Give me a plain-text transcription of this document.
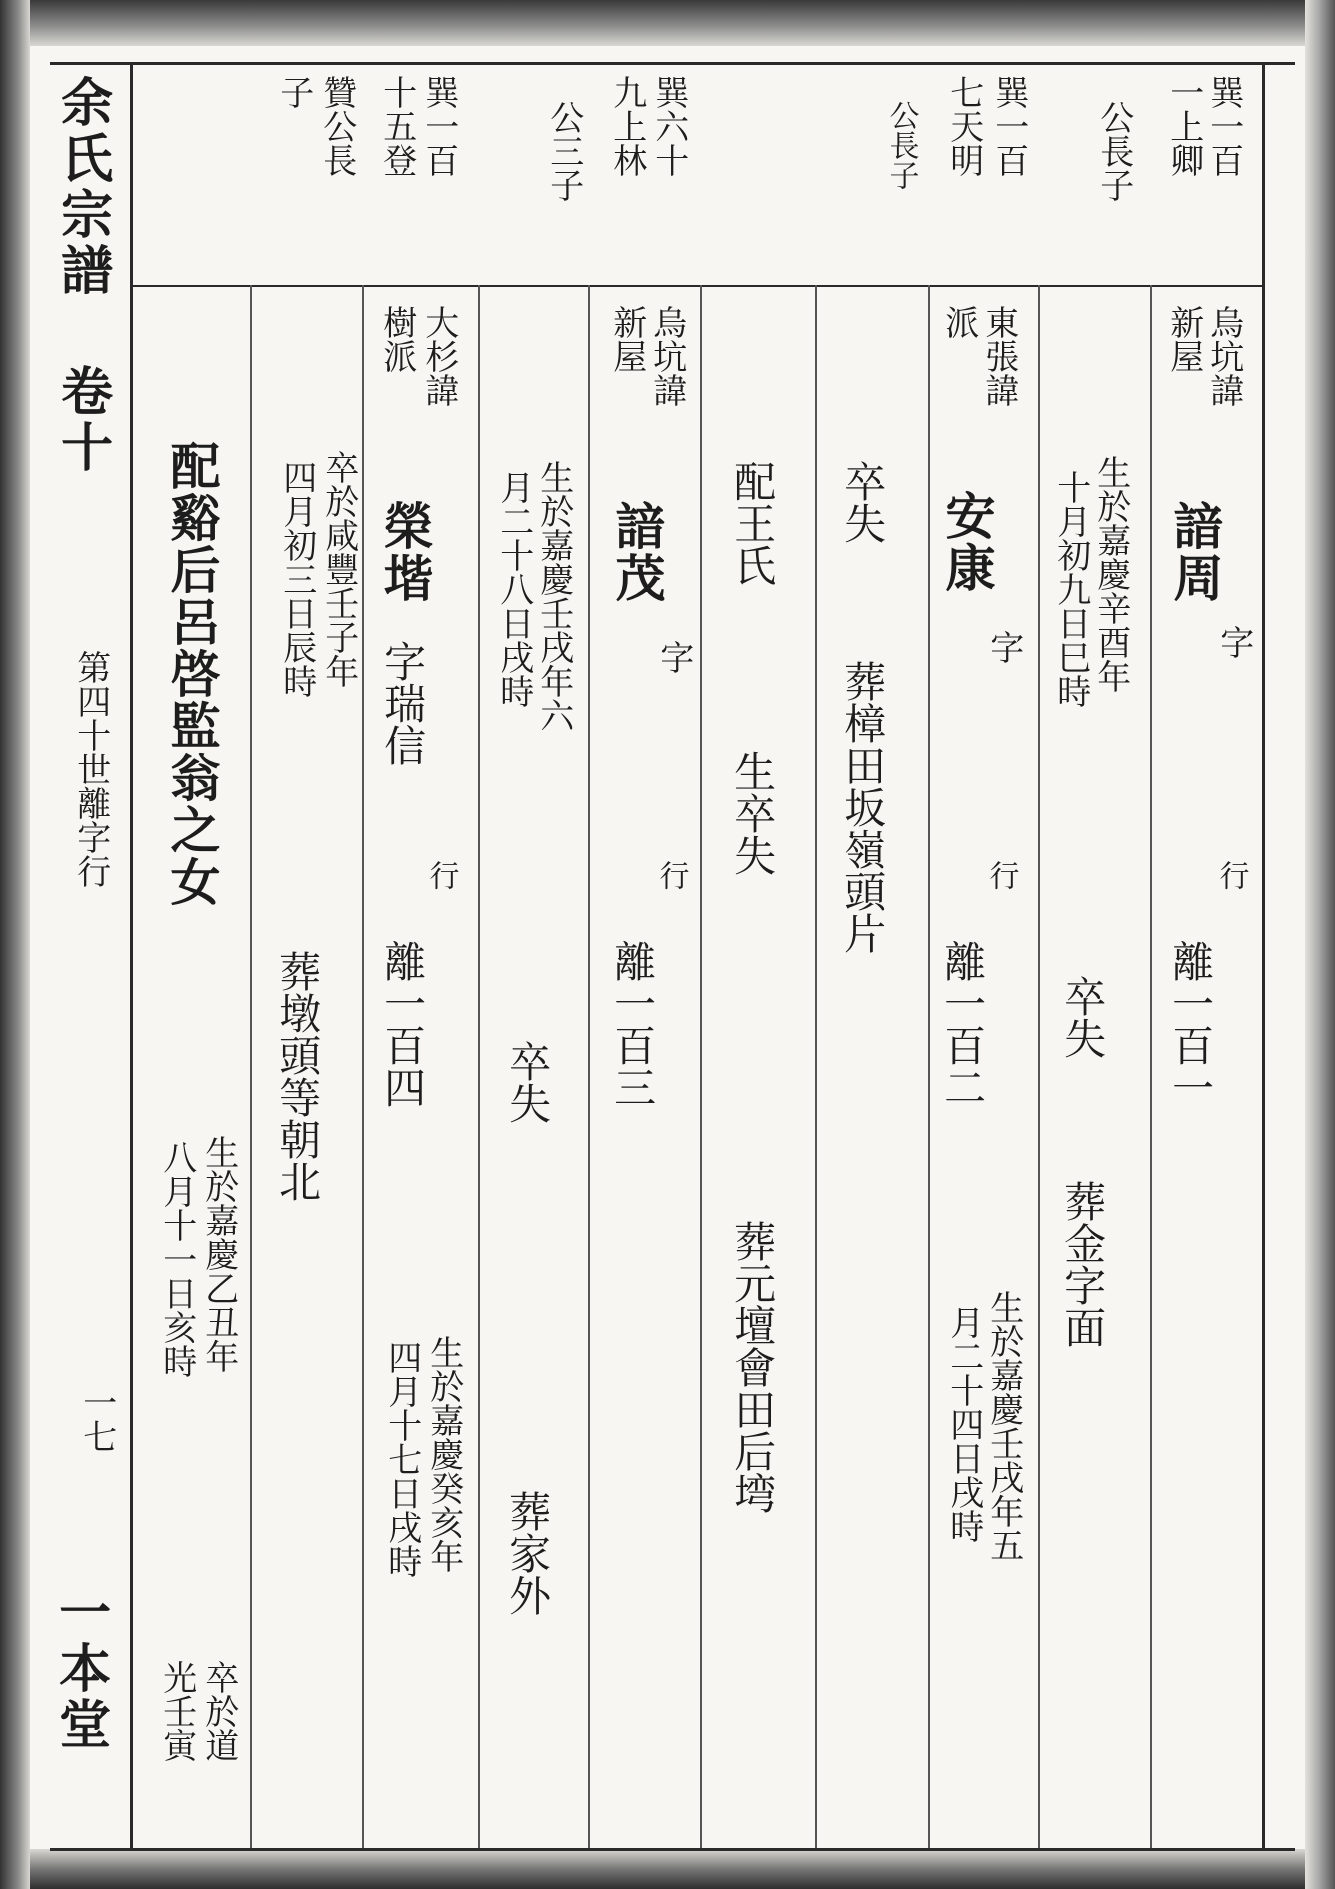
余氏宗譜 卷十
第四十世離字行
一七
一本堂
巽一百
一上卿
公長子
巽一百
七天明
公長子
巽六十
九上林
公三子
巽一百
十五登
贊公長
子
烏坑諱
新屋
諳周
字
行
離一百一
生於嘉慶辛酉年
十月初九日巳時
卒失
葬金字面
東張諱
派
安康
字
行
離一百二
卒失
葬樟田坂嶺頭片
生於嘉慶壬戌年五
月二十四日戌時
配王氏
生卒失
葬元壇會田后塆
烏坑諱
新屋
諳茂
字
行
離一百三
生於嘉慶壬戌年六
月二十八日戌時
卒失
葬家外
大杉諱
樹派
榮堦
字瑞信
行
離一百四
生於嘉慶癸亥年
四月十七日戌時
卒於咸豐壬子年
四月初三日辰時
葬墩頭等朝北
配谿后呂啓監翁之女
生於嘉慶乙丑年
八月十一日亥時
卒於道
光壬寅
